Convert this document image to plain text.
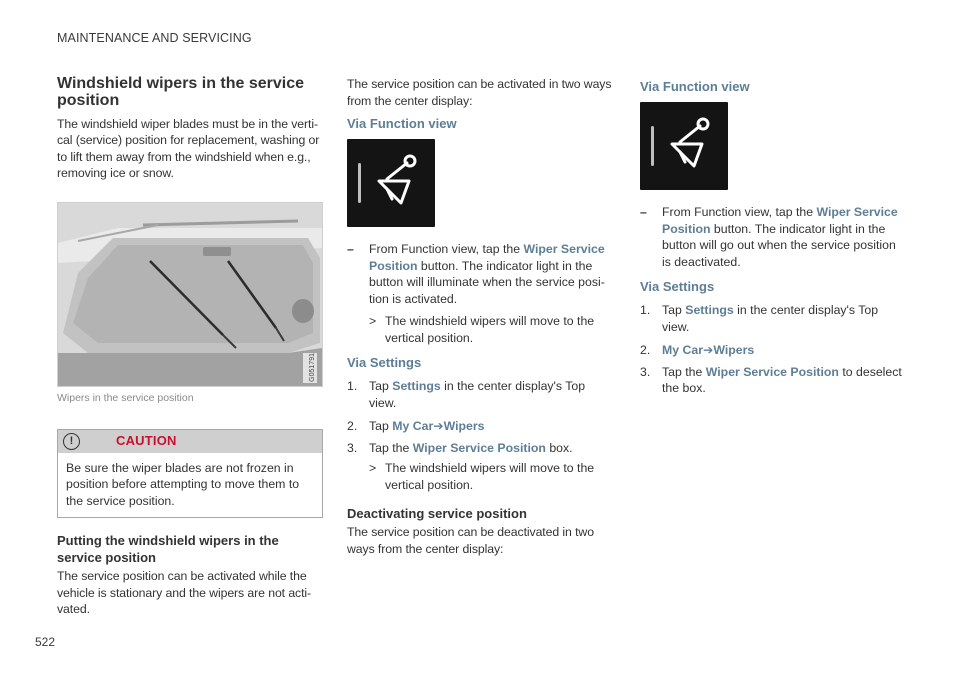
MAINTENANCE AND SERVICING
Windshield wipers in the service position

The windshield wiper blades must be in the verti-cal (service) position for replacement, washing or to lift them away from the windshield when e.g., removing ice or snow.

G051791
Wipers in the service position
!	CAUTION
Be sure the wiper blades are not frozen in position before attempting to move them to the service position.
Putting the windshield wipers in the service position

The service position can be activated while the vehicle is stationary and the wipers are not acti-vated.

The service position can be activated in two ways from the center display:

Via Function view
– From Function view, tap the Wiper Service Position button. The indicator light in the button will illuminate when the service posi-tion is activated.
> The windshield wipers will move to the vertical position.
Via Settings
1. Tap Settings in the center display's Top view.
2. Tap My Car➔Wipers
3. Tap the Wiper Service Position box.
> The windshield wipers will move to the vertical position.
Deactivating service position

The service position can be deactivated in two ways from the center display:

Via Function view
– From Function view, tap the Wiper Service Position button. The indicator light in the button will go out when the service position is deactivated.
Via Settings
1. Tap Settings in the center display's Top view.
2. My Car➔Wipers
3. Tap the Wiper Service Position to deselect the box.
522
